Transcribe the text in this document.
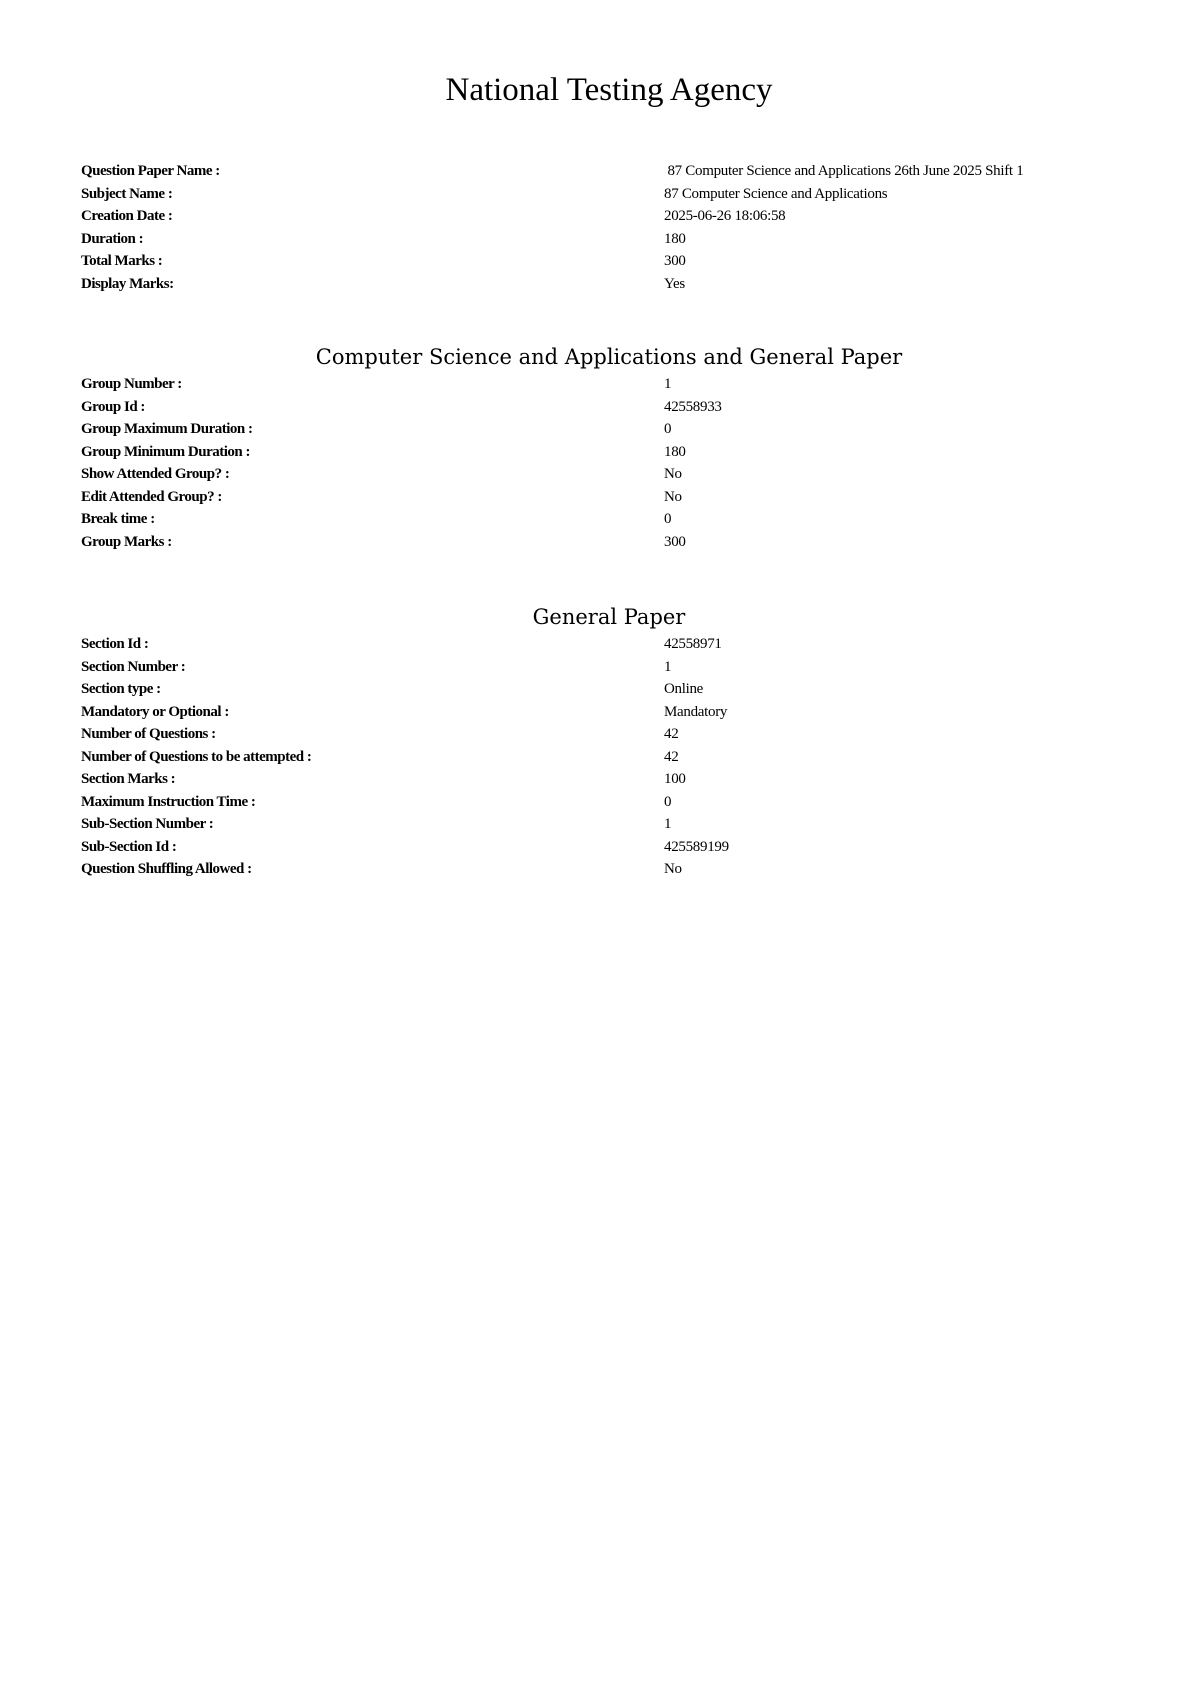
National Testing Agency
Question Paper Name :	87 Computer Science and Applications 26th June 2025 Shift 1
Subject Name :	87 Computer Science and Applications
Creation Date :	2025-06-26 18:06:58
Duration :	180
Total Marks :	300
Display Marks:	Yes
Computer Science and Applications and General Paper
Group Number :	1
Group Id :	42558933
Group Maximum Duration :	0
Group Minimum Duration :	180
Show Attended Group? :	No
Edit Attended Group? :	No
Break time :	0
Group Marks :	300
General Paper
Section Id :	42558971
Section Number :	1
Section type :	Online
Mandatory or Optional :	Mandatory
Number of Questions :	42
Number of Questions to be attempted :	42
Section Marks :	100
Maximum Instruction Time :	0
Sub-Section Number :	1
Sub-Section Id :	425589199
Question Shuffling Allowed :	No
